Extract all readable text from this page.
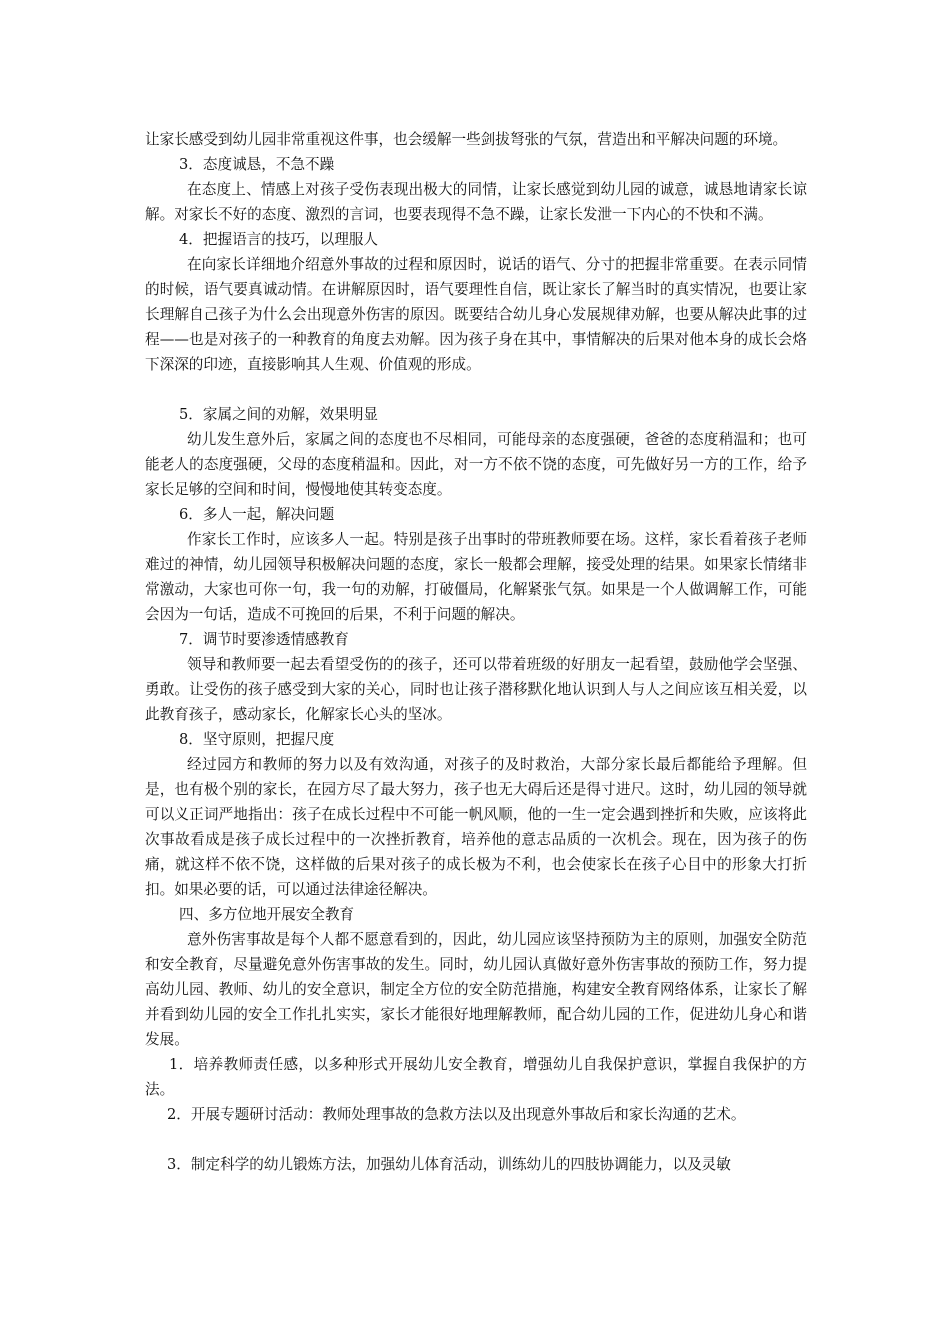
让家长感受到幼儿园非常重视这件事，也会缓解一些剑拔弩张的气氛，营造出和平解决问题的环境。

3．态度诚恳，不急不躁

在态度上、情感上对孩子受伤表现出极大的同情，让家长感觉到幼儿园的诚意，诚恳地请家长谅解。对家长不好的态度、激烈的言词，也要表现得不急不躁，让家长发泄一下内心的不快和不满。

4．把握语言的技巧，以理服人

在向家长详细地介绍意外事故的过程和原因时，说话的语气、分寸的把握非常重要。在表示同情的时候，语气要真诚动情。在讲解原因时，语气要理性自信，既让家长了解当时的真实情况，也要让家长理解自己孩子为什么会出现意外伤害的原因。既要结合幼儿身心发展规律劝解，也要从解决此事的过程——也是对孩子的一种教育的角度去劝解。因为孩子身在其中，事情解决的后果对他本身的成长会烙下深深的印迹，直接影响其人生观、价值观的形成。

5．家属之间的劝解，效果明显

幼儿发生意外后，家属之间的态度也不尽相同，可能母亲的态度强硬，爸爸的态度稍温和；也可能老人的态度强硬，父母的态度稍温和。因此，对一方不依不饶的态度，可先做好另一方的工作，给予家长足够的空间和时间，慢慢地使其转变态度。

6．多人一起，解决问题

作家长工作时，应该多人一起。特别是孩子出事时的带班教师要在场。这样，家长看着孩子老师难过的神情，幼儿园领导积极解决问题的态度，家长一般都会理解，接受处理的结果。如果家长情绪非常激动，大家也可你一句，我一句的劝解，打破僵局，化解紧张气氛。如果是一个人做调解工作，可能会因为一句话，造成不可挽回的后果，不利于问题的解决。

7．调节时要渗透情感教育

领导和教师要一起去看望受伤的的孩子，还可以带着班级的好朋友一起看望，鼓励他学会坚强、勇敢。让受伤的孩子感受到大家的关心，同时也让孩子潜移默化地认识到人与人之间应该互相关爱，以此教育孩子，感动家长，化解家长心头的坚冰。

8．坚守原则，把握尺度

经过园方和教师的努力以及有效沟通，对孩子的及时救治，大部分家长最后都能给予理解。但是，也有极个别的家长，在园方尽了最大努力，孩子也无大碍后还是得寸进尺。这时，幼儿园的领导就可以义正词严地指出：孩子在成长过程中不可能一帆风顺，他的一生一定会遇到挫折和失败，应该将此次事故看成是孩子成长过程中的一次挫折教育，培养他的意志品质的一次机会。现在，因为孩子的伤痛，就这样不依不饶，这样做的后果对孩子的成长极为不利，也会使家长在孩子心目中的形象大打折扣。如果必要的话，可以通过法律途径解决。

四、多方位地开展安全教育

意外伤害事故是每个人都不愿意看到的，因此，幼儿园应该坚持预防为主的原则，加强安全防范和安全教育，尽量避免意外伤害事故的发生。同时，幼儿园认真做好意外伤害事故的预防工作，努力提高幼儿园、教师、幼儿的安全意识，制定全方位的安全防范措施，构建安全教育网络体系，让家长了解并看到幼儿园的安全工作扎扎实实，家长才能很好地理解教师，配合幼儿园的工作，促进幼儿身心和谐发展。

1．培养教师责任感，以多种形式开展幼儿安全教育，增强幼儿自我保护意识，掌握自我保护的方法。

2．开展专题研讨活动：教师处理事故的急救方法以及出现意外事故后和家长沟通的艺术。

3．制定科学的幼儿锻炼方法，加强幼儿体育活动，训练幼儿的四肢协调能力，以及灵敏
